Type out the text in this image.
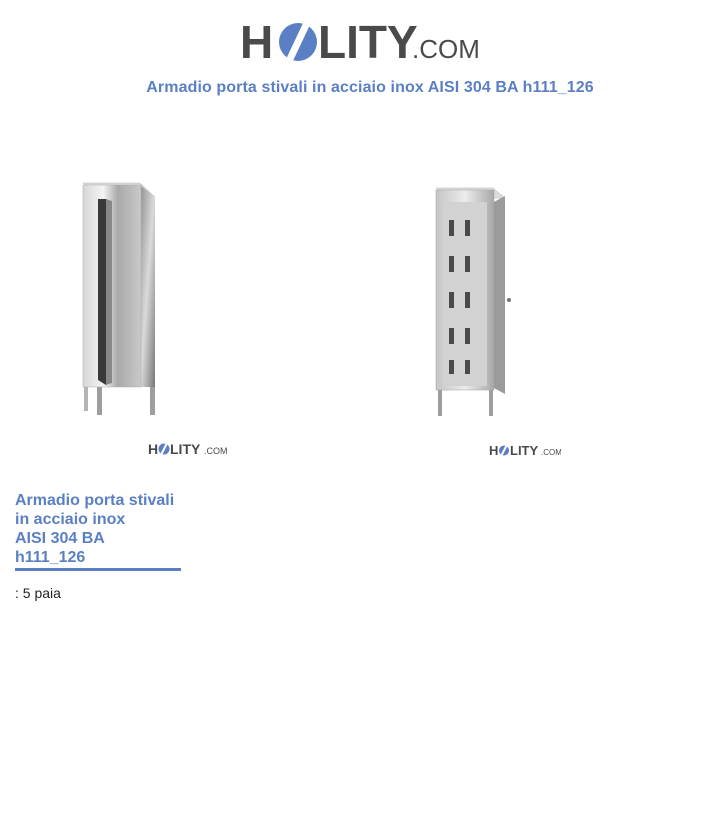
H LITY
.COM
Armadio porta stivali in acciaio inox AISI 304 BA h111_126
H LITY .COM	H LITY .COM
Armadio porta stivali
in acciaio inox
AISI 304 BA
h111_126
: 5 paia
